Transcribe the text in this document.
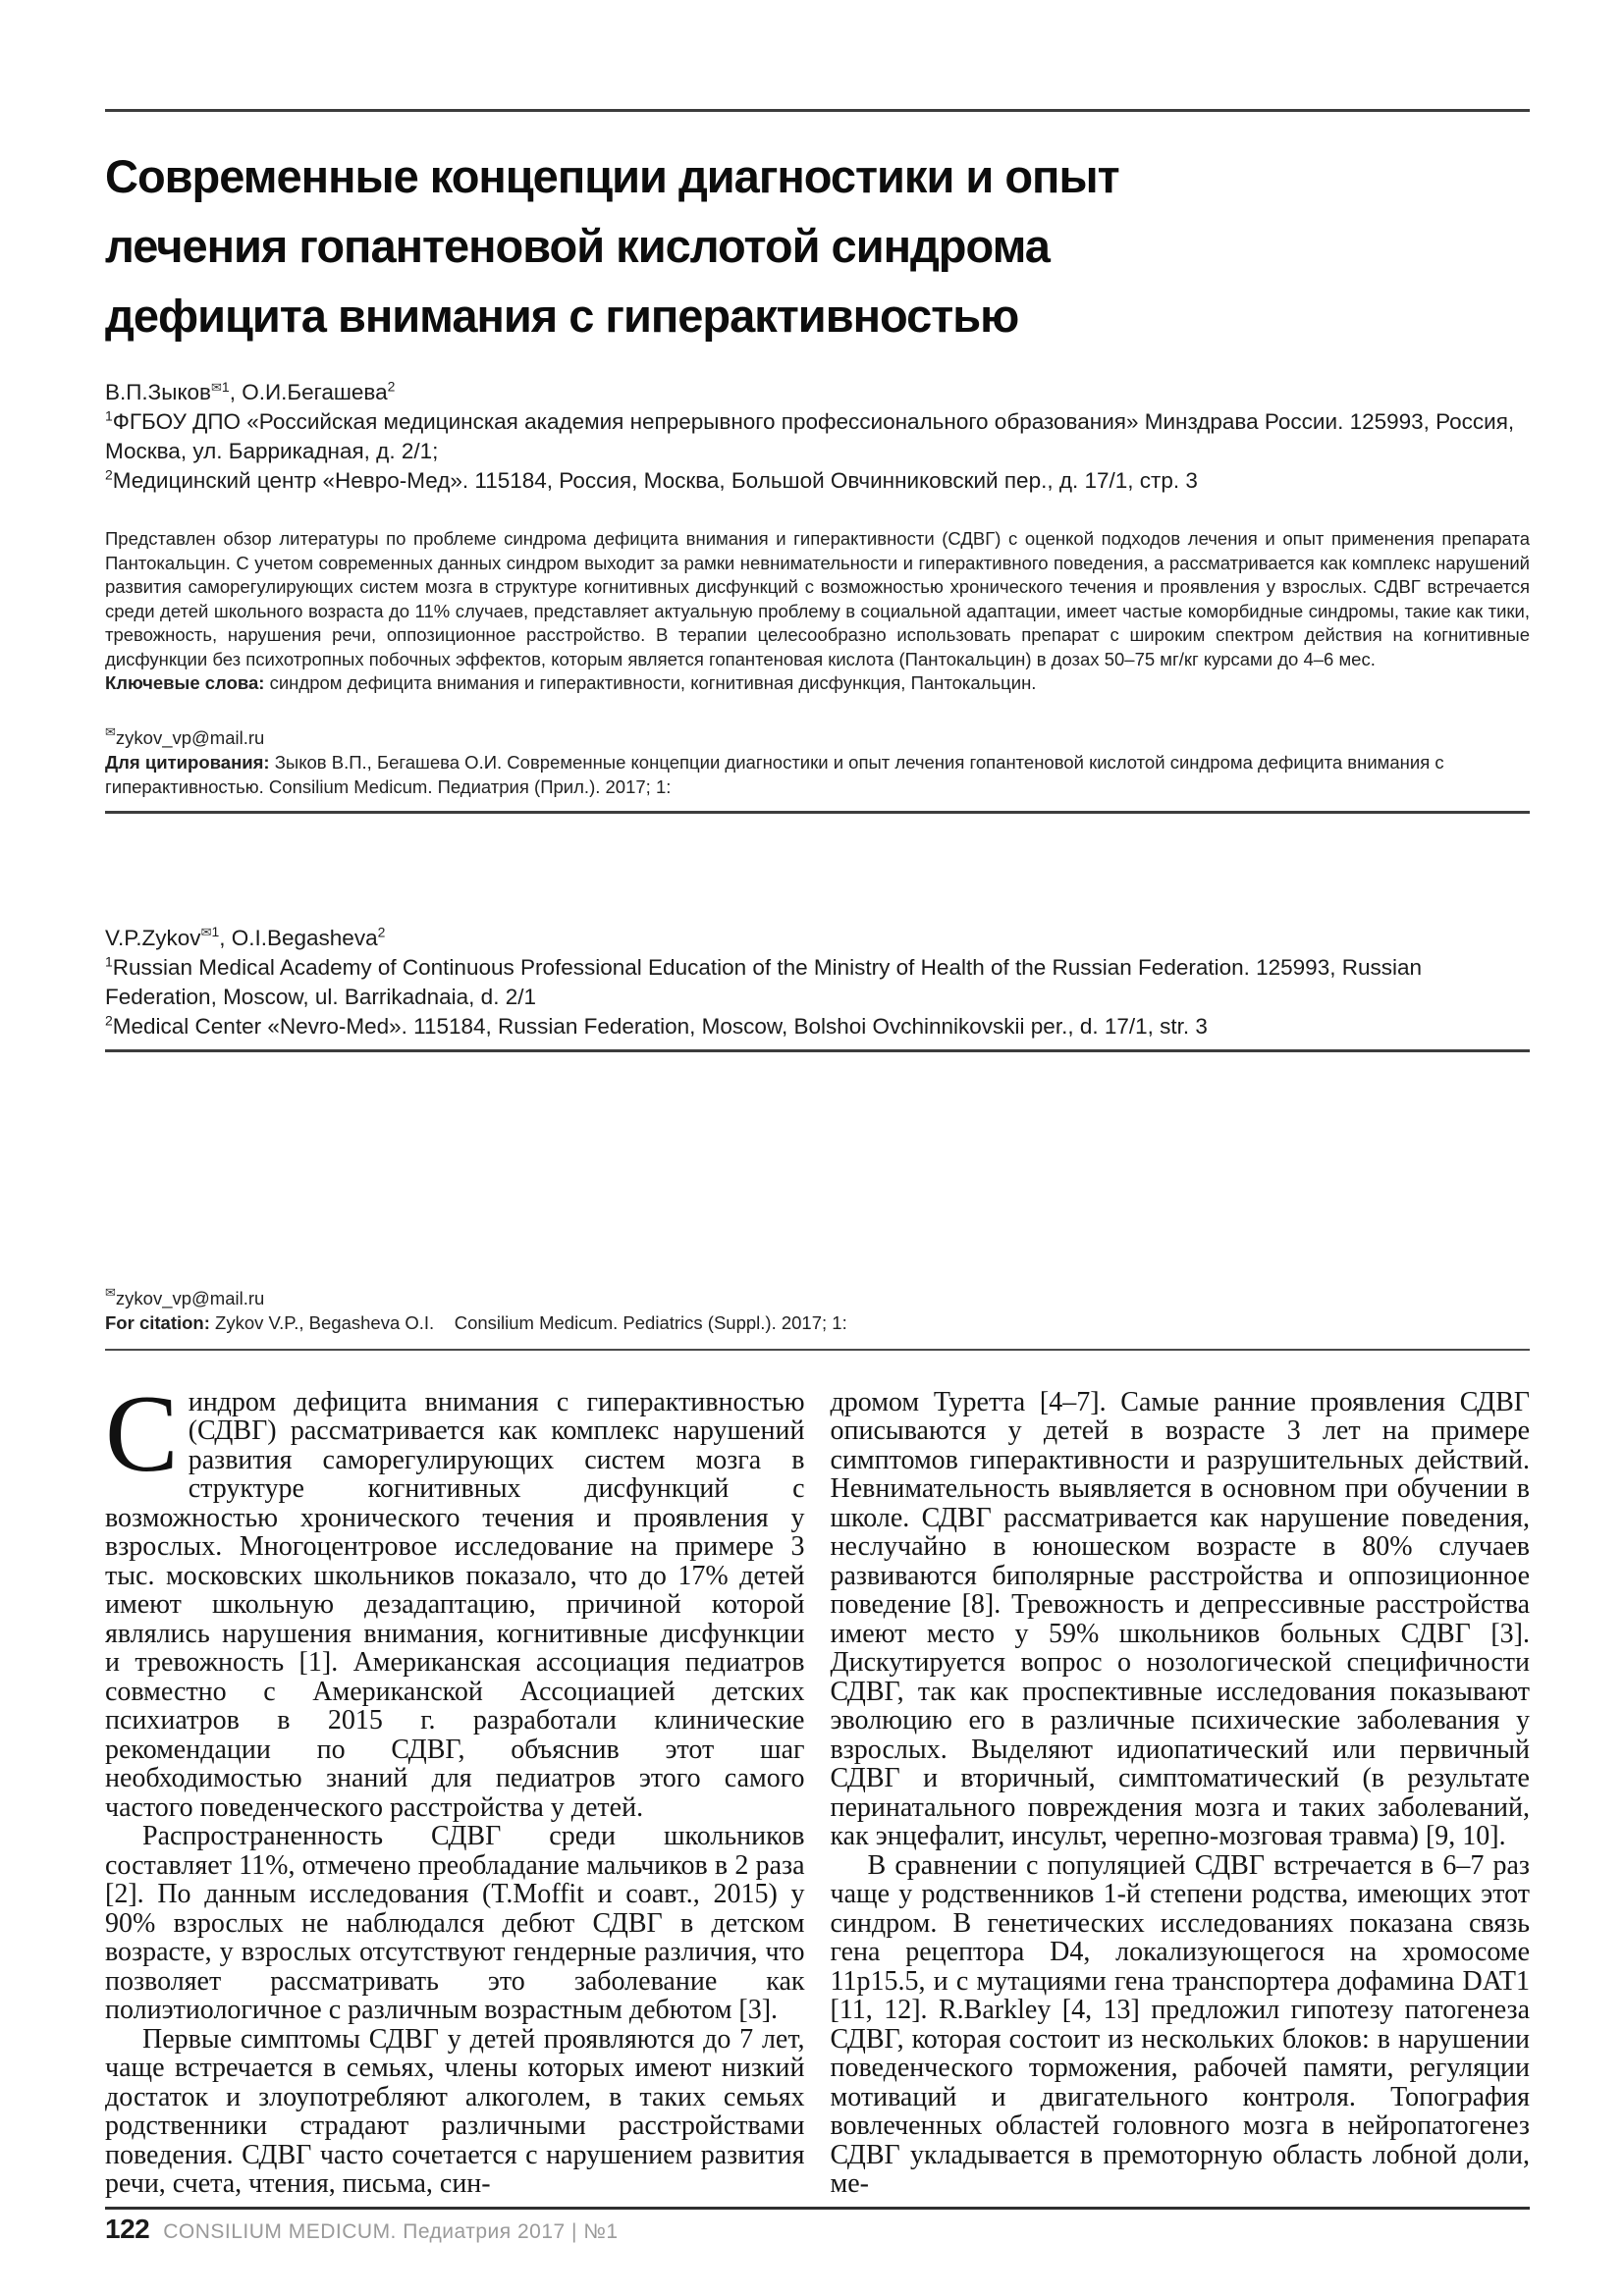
Современные концепции диагностики и опыт
лечения гопантеновой кислотой синдрома
дефицита внимания с гиперактивностью

В.П.Зыков$^{✉1}$, О.И.Бегашева$^2$

$^1$ФГБОУ ДПО «Российская медицинская академия непрерывного профессионального образования» Минздрава России. 125993, Россия, Москва, ул. Баррикадная, д. 2/1;

$^2$Медицинский центр «Невро-Мед». 115184, Россия, Москва, Большой Овчинниковский пер., д. 17/1, стр. 3

Представлен обзор литературы по проблеме синдрома дефицита внимания и гиперактивности (СДВГ) с оценкой подходов лечения и опыт применения препарата Пантокальцин. С учетом современных данных синдром выходит за рамки невнимательности и гиперактивного поведения, а рассматривается как комплекс нарушений развития саморегулирующих систем мозга в структуре когнитивных дисфункций с возможностью хронического течения и проявления у взрослых. СДВГ встречается среди детей школьного возраста до 11% случаев, представляет актуальную проблему в социальной адаптации, имеет частые коморбидные синдромы, такие как тики, тревожность, нарушения речи, оппозиционное расстройство. В терапии целесообразно использовать препарат с широким спектром действия на когнитивные дисфункции без психотропных побочных эффектов, которым является гопантеновая кислота (Пантокальцин) в дозах 50–75 мг/кг курсами до 4–6 мес.

Ключевые слова: синдром дефицита внимания и гиперактивности, когнитивная дисфункция, Пантокальцин.

✉zykov_vp@mail.ru

Для цитирования: Зыков В.П., Бегашева О.И. Современные концепции диагностики и опыт лечения гопантеновой кислотой синдрома дефицита внимания с гиперактивностью. Consilium Medicum. Педиатрия (Прил.). 2017; 1:

V.P.Zykov$^{✉1}$, O.I.Begasheva$^2$

$^1$Russian Medical Academy of Continuous Professional Education of the Ministry of Health of the Russian Federation. 125993, Russian Federation, Moscow, ul. Barrikadnaia, d. 2/1

$^2$Medical Center «Nevro-Med». 115184, Russian Federation, Moscow, Bolshoi Ovchinnikovskii per., d. 17/1, str. 3

✉zykov_vp@mail.ru

For citation: Zykov V.P., Begasheva O.I.    Consilium Medicum. Pediatrics (Suppl.). 2017; 1:

Синдром дефицита внимания с гиперактивностью (СДВГ) рассматривается как комплекс нарушений развития саморегулирующих систем мозга в структуре когнитивных дисфункций с возможностью хронического течения и проявления у взрослых. Многоцентровое исследование на примере 3 тыс. московских школьников показало, что до 17% детей имеют школьную дезадаптацию, причиной которой являлись нарушения внимания, когнитивные дисфункции и тревожность [1]. Американская ассоциация педиатров совместно с Американской Ассоциацией детских психиатров в 2015 г. разработали клинические рекомендации по СДВГ, объяснив этот шаг необходимостью знаний для педиатров этого самого частого поведенческого расстройства у детей.

Распространенность СДВГ среди школьников составляет 11%, отмечено преобладание мальчиков в 2 раза [2]. По данным исследования (T.Moffit и соавт., 2015) у 90% взрослых не наблюдался дебют СДВГ в детском возрасте, у взрослых отсутствуют гендерные различия, что позволяет рассматривать это заболевание как полиэтиологичное с различным возрастным дебютом [3].

Первые симптомы СДВГ у детей проявляются до 7 лет, чаще встречается в семьях, члены которых имеют низкий достаток и злоупотребляют алкоголем, в таких семьях родственники страдают различными расстройствами поведения. СДВГ часто сочетается с нарушением развития речи, счета, чтения, письма, син-

дромом Туретта [4–7]. Самые ранние проявления СДВГ описываются у детей в возрасте 3 лет на примере симптомов гиперактивности и разрушительных действий. Невнимательность выявляется в основном при обучении в школе. СДВГ рассматривается как нарушение поведения, неслучайно в юношеском возрасте в 80% случаев развиваются биполярные расстройства и оппозиционное поведение [8]. Тревожность и депрессивные расстройства имеют место у 59% школьников больных СДВГ [3]. Дискутируется вопрос о нозологической специфичности СДВГ, так как проспективные исследования показывают эволюцию его в различные психические заболевания у взрослых. Выделяют идиопатический или первичный СДВГ и вторичный, симптоматический (в результате перинатального повреждения мозга и таких заболеваний, как энцефалит, инсульт, черепно-мозговая травма) [9, 10].

В сравнении с популяцией СДВГ встречается в 6–7 раз чаще у родственников 1-й степени родства, имеющих этот синдром. В генетических исследованиях показана связь гена рецептора D4, локализующегося на хромосоме 11p15.5, и с мутациями гена транспортера дофамина DAT1 [11, 12]. R.Barkley [4, 13] предложил гипотезу патогенеза СДВГ, которая состоит из нескольких блоков: в нарушении поведенческого торможения, рабочей памяти, регуляции мотиваций и двигательного контроля. Топография вовлеченных областей головного мозга в нейропатогенез СДВГ укладывается в премоторную область лобной доли, ме-

122 CONSILIUM MEDICUM. Педиатрия 2017 | №1
